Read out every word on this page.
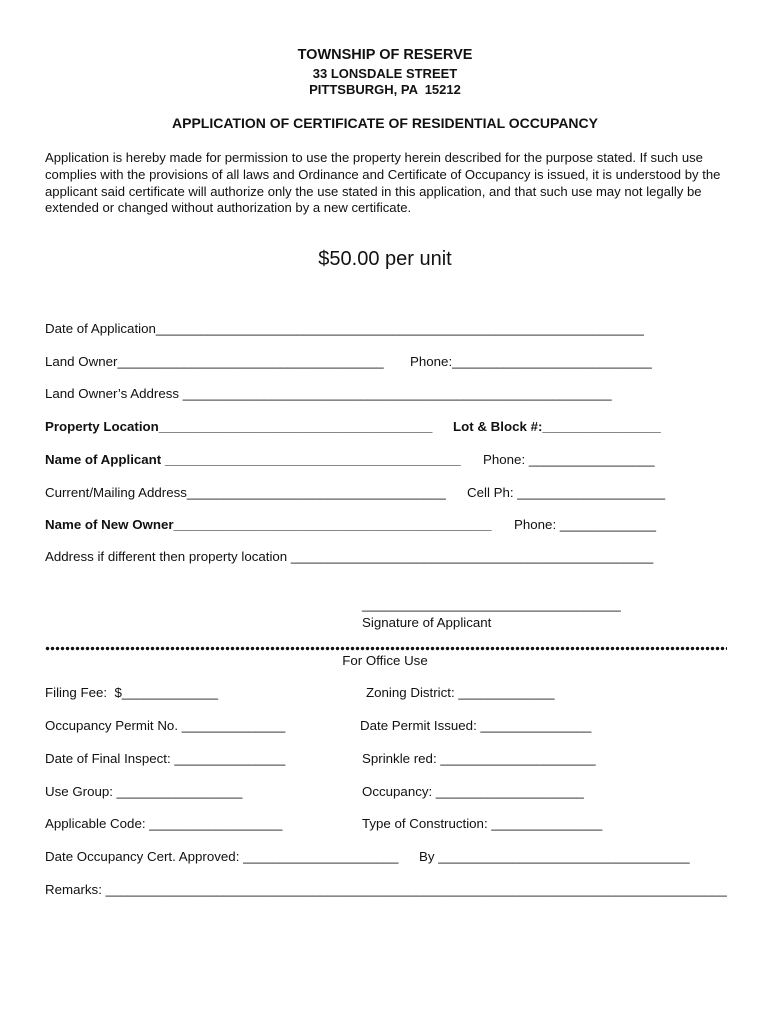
TOWNSHIP OF RESERVE
33 LONSDALE STREET
PITTSBURGH, PA  15212
APPLICATION OF CERTIFICATE OF RESIDENTIAL OCCUPANCY
Application is hereby made for permission to use the property herein described for the purpose stated. If such use complies with the provisions of all laws and Ordinance and Certificate of Occupancy is issued, it is understood by the applicant said certificate will authorize only the use stated in this application, and that such use may not legally be extended or changed without authorization by a new certificate.
$50.00 per unit
Date of Application__________________________________________________________________
Land Owner____________________________________ Phone:___________________________
Land Owner’s Address __________________________________________________________
Property Location_____________________________________ Lot & Block #:________________
Name of Applicant ________________________________________ Phone: _________________
Current/Mailing Address___________________________________ Cell Ph: ____________________
Name of New Owner___________________________________________ Phone: _____________
Address if different then property location _________________________________________________
___________________________________
Signature of Applicant
For Office Use
Filing Fee:  $_____________	Zoning District: _____________
Occupancy Permit No. ______________	Date Permit Issued: _______________
Date of Final Inspect: _______________	Sprinkle red: _____________________
Use Group: _________________	Occupancy: ____________________
Applicable Code: __________________	Type of Construction: _______________
Date Occupancy Cert. Approved: _____________________ By __________________________________
Remarks: ____________________________________________________________________________________
